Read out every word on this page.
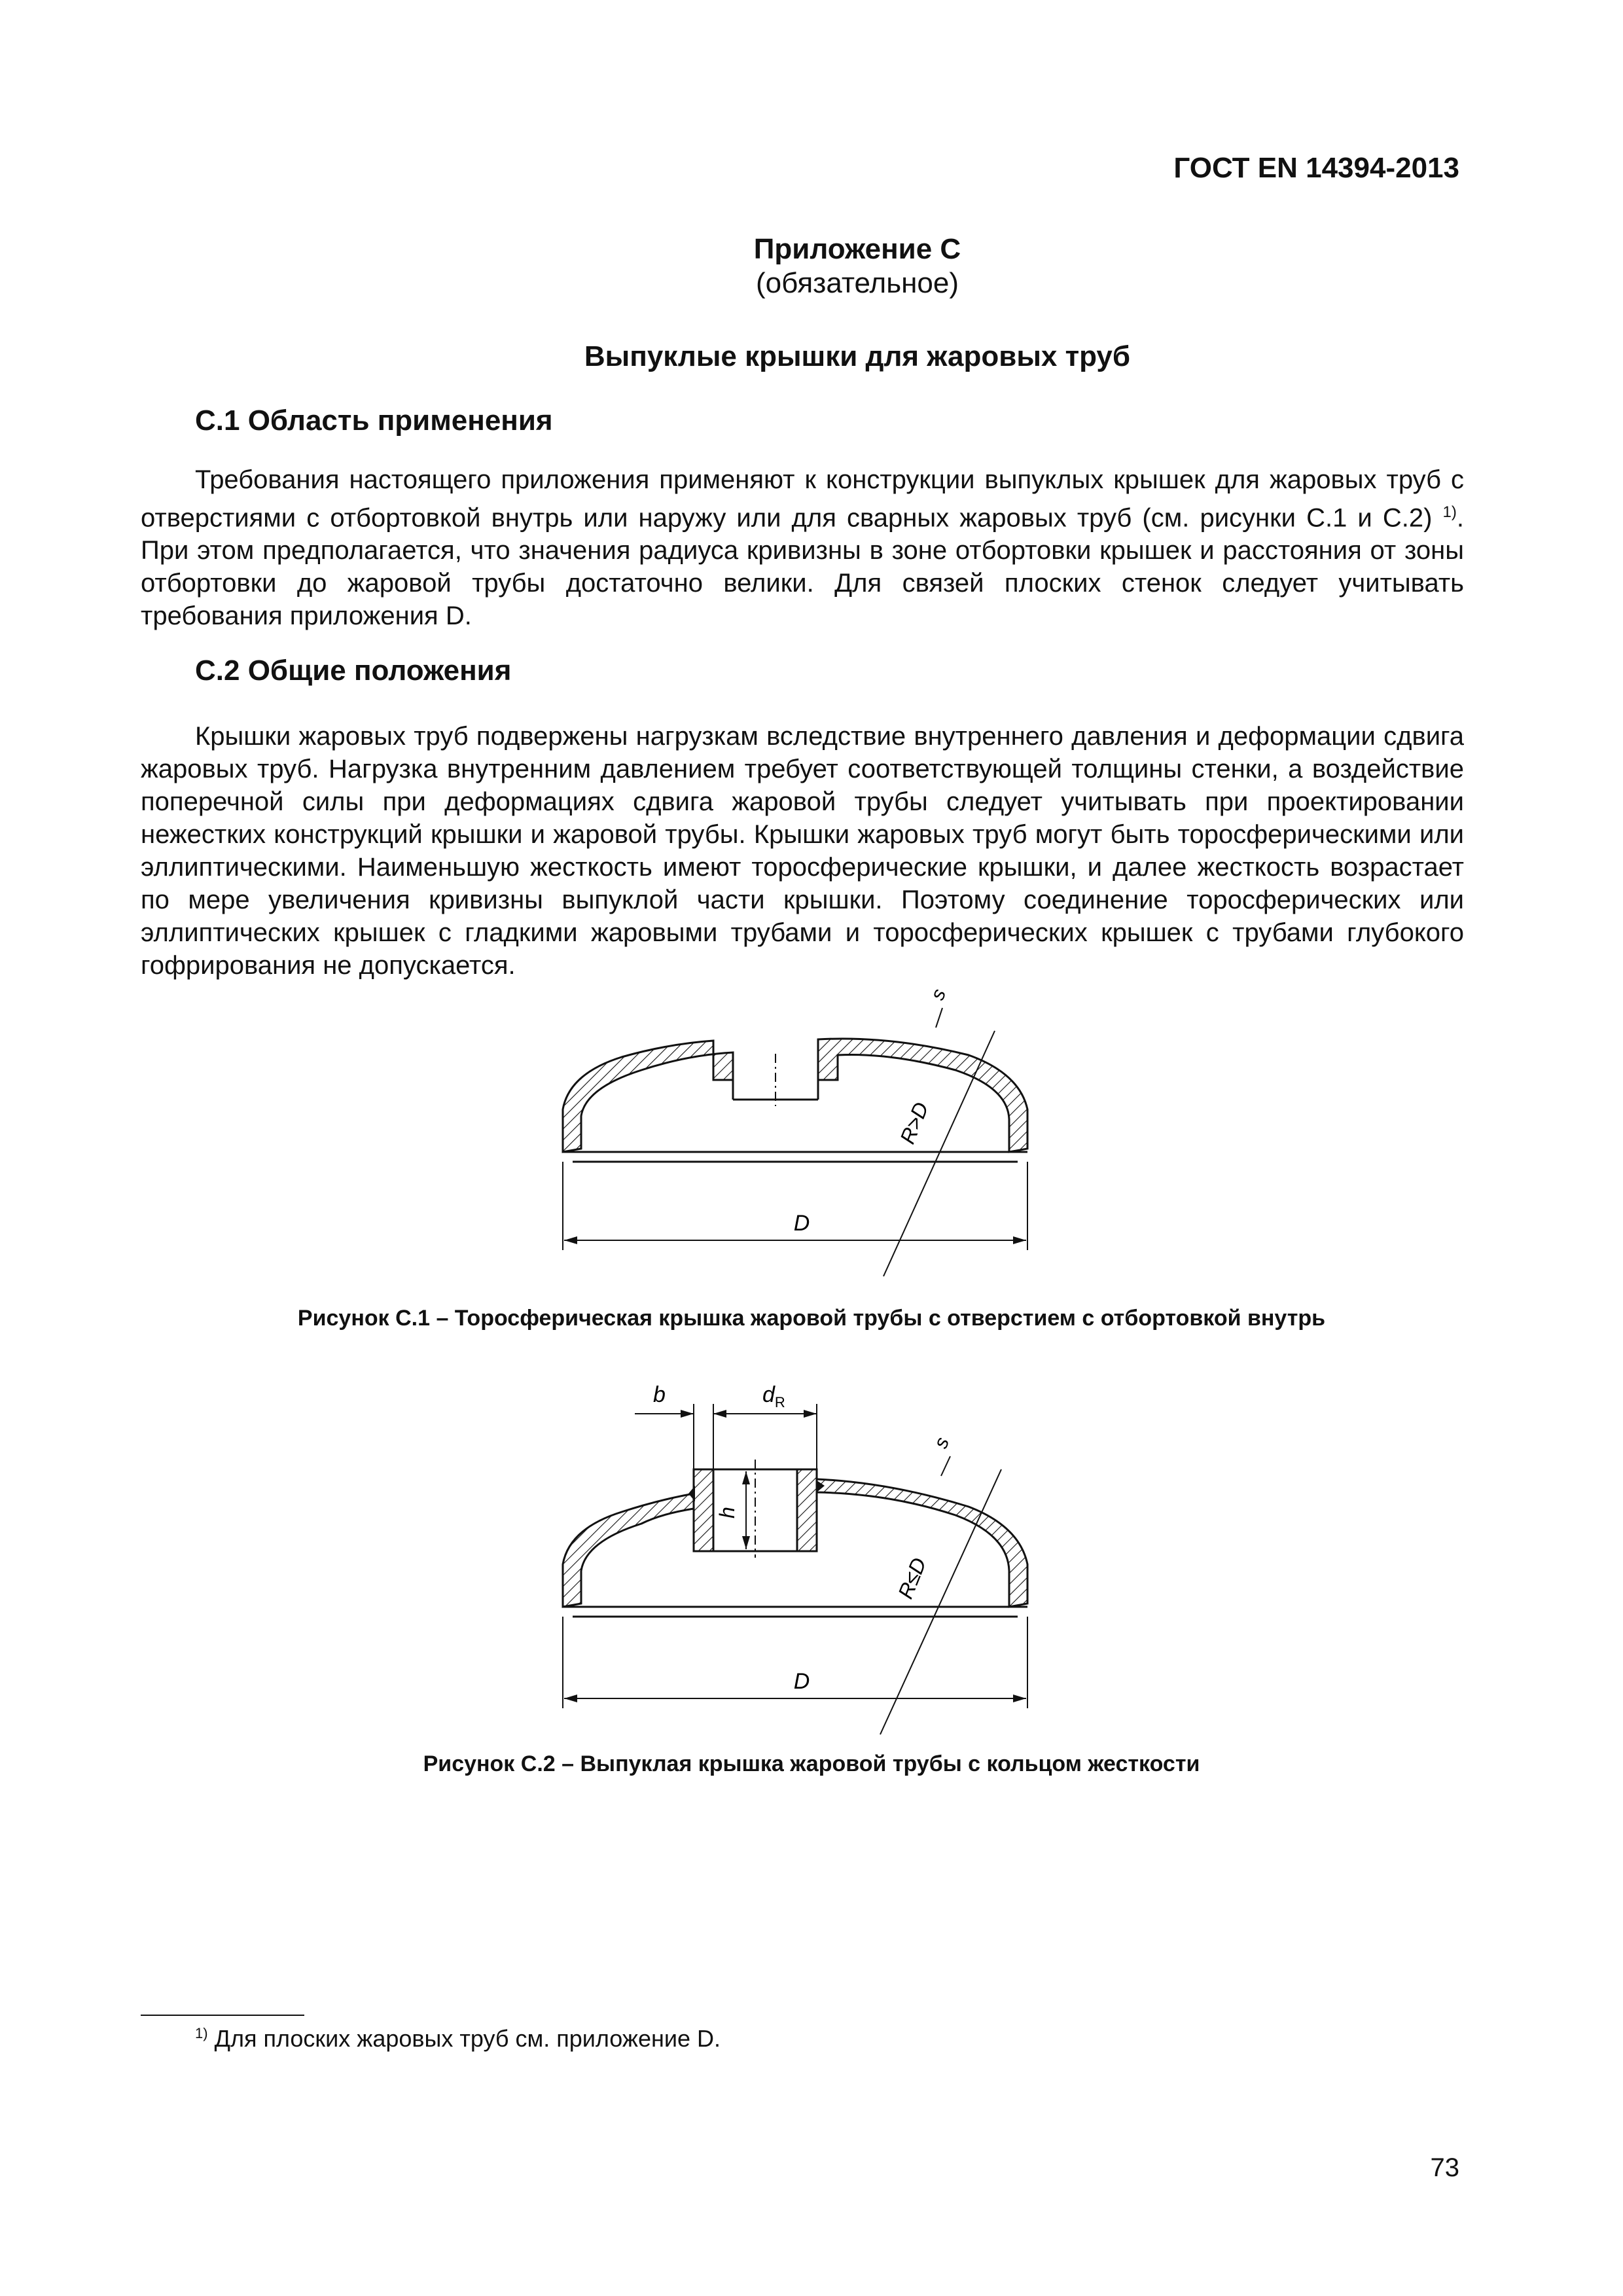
ГОСТ EN 14394-2013
Приложение С
(обязательное)
Выпуклые крышки для жаровых труб
С.1 Область применения

Требования настоящего приложения применяют к конструкции выпуклых крышек для жаровых труб с отверстиями с отбортовкой внутрь или наружу или для сварных жаровых труб (см. рисунки С.1 и С.2) $^{1)}$. При этом предполагается, что значения радиуса кривизны в зоне отбортовки крышек и расстояния от зоны отбортовки до жаровой трубы достаточно велики. Для связей плоских стенок следует учитывать требования приложения D.

С.2 Общие положения

Крышки жаровых труб подвержены нагрузкам вследствие внутреннего давления и деформации сдвига жаровых труб. Нагрузка внутренним давлением требует соответствующей толщины стенки, а воздействие поперечной силы при деформациях сдвига жаровой трубы следует учитывать при проектировании нежестких конструкций крышки и жаровой трубы. Крышки жаровых труб могут быть торосферическими или эллиптическими. Наименьшую жесткость имеют торосферические крышки, и далее жесткость возрастает по мере увеличения кривизны выпуклой части крышки. Поэтому соединение торосферических или эллиптических крышек с гладкими жаровыми трубами и торосферических крышек с трубами глубокого гофрирования не допускается.

D
R>D
s
Рисунок С.1 – Торосферическая крышка жаровой трубы с отверстием с отбортовкой внутрь
b	$d_R$
h
D
R≤D
s
Рисунок С.2 – Выпуклая крышка жаровой трубы с кольцом жесткости
$^{1)}$ Для плоских жаровых труб см. приложение D.
73
